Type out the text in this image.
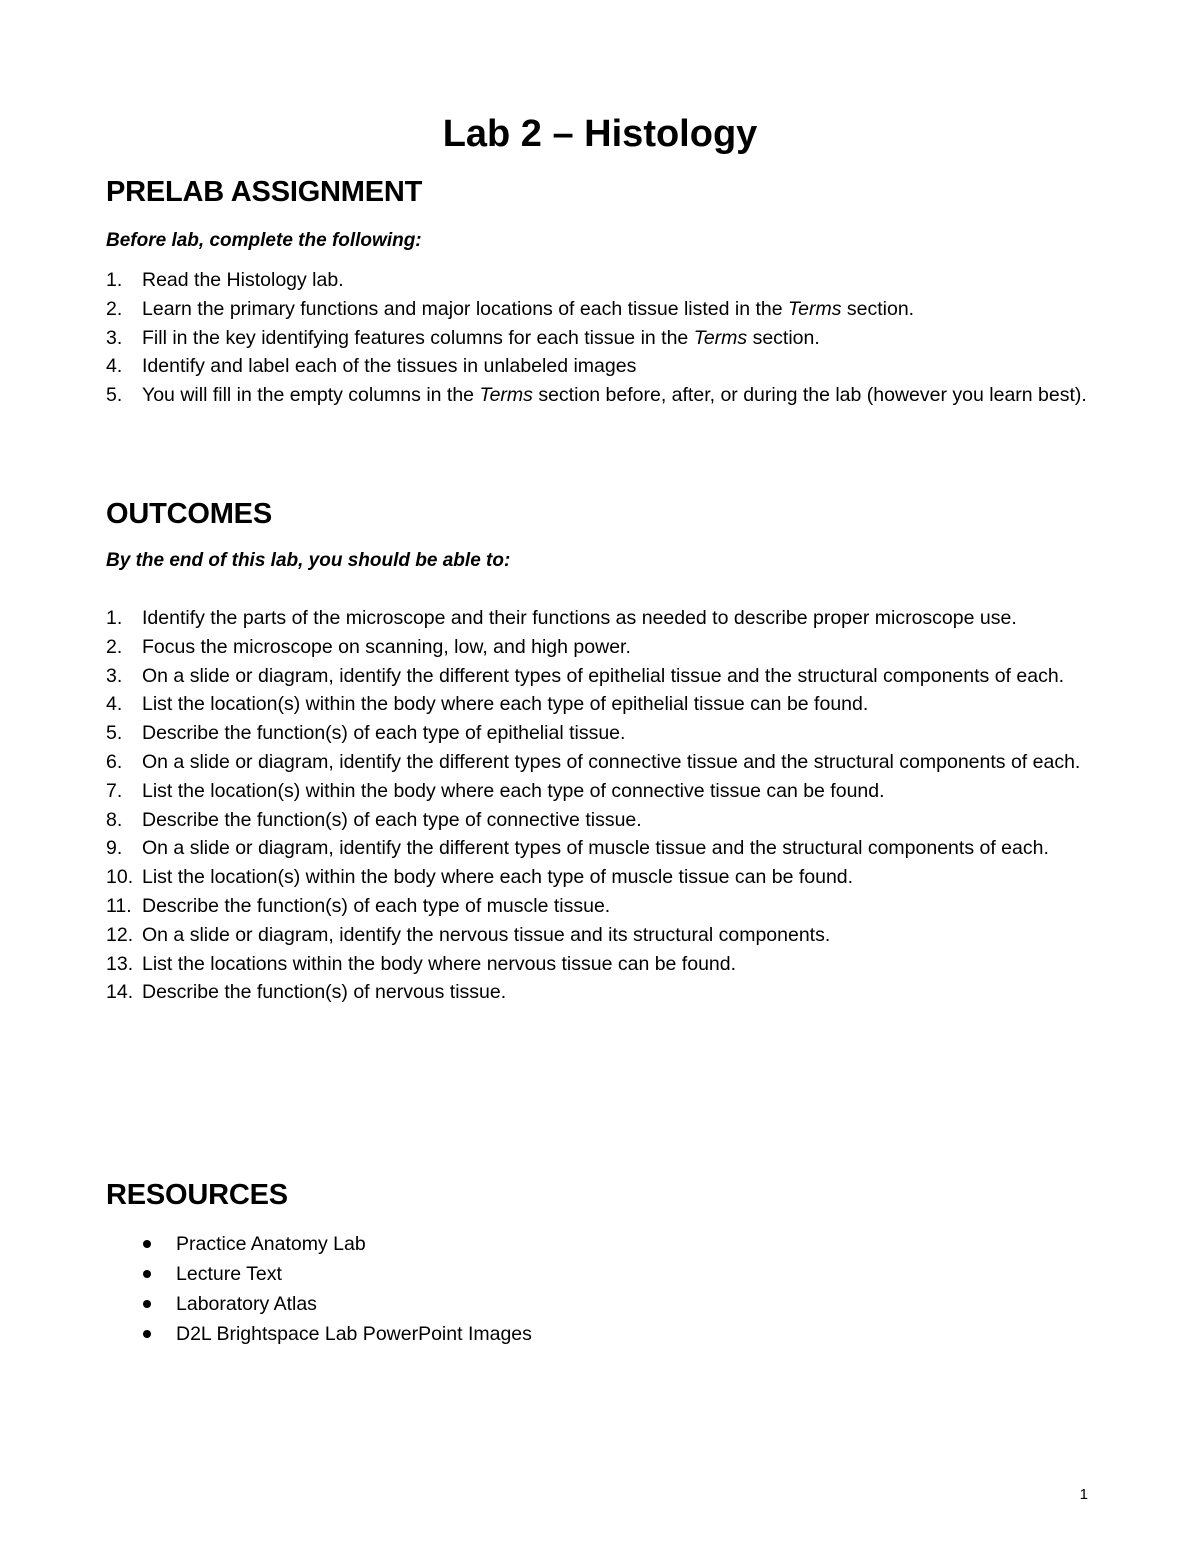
Lab 2 – Histology
PRELAB ASSIGNMENT
Before lab, complete the following:
1. Read the Histology lab.
2. Learn the primary functions and major locations of each tissue listed in the Terms section.
3. Fill in the key identifying features columns for each tissue in the Terms section.
4. Identify and label each of the tissues in unlabeled images
5. You will fill in the empty columns in the Terms section before, after, or during the lab (however you learn best).
OUTCOMES
By the end of this lab, you should be able to:
1. Identify the parts of the microscope and their functions as needed to describe proper microscope use.
2. Focus the microscope on scanning, low, and high power.
3. On a slide or diagram, identify the different types of epithelial tissue and the structural components of each.
4. List the location(s) within the body where each type of epithelial tissue can be found.
5. Describe the function(s) of each type of epithelial tissue.
6. On a slide or diagram, identify the different types of connective tissue and the structural components of each.
7. List the location(s) within the body where each type of connective tissue can be found.
8. Describe the function(s) of each type of connective tissue.
9. On a slide or diagram, identify the different types of muscle tissue and the structural components of each.
10. List the location(s) within the body where each type of muscle tissue can be found.
11. Describe the function(s) of each type of muscle tissue.
12. On a slide or diagram, identify the nervous tissue and its structural components.
13. List the locations within the body where nervous tissue can be found.
14. Describe the function(s) of nervous tissue.
RESOURCES
Practice Anatomy Lab
Lecture Text
Laboratory Atlas
D2L Brightspace Lab PowerPoint Images
1
